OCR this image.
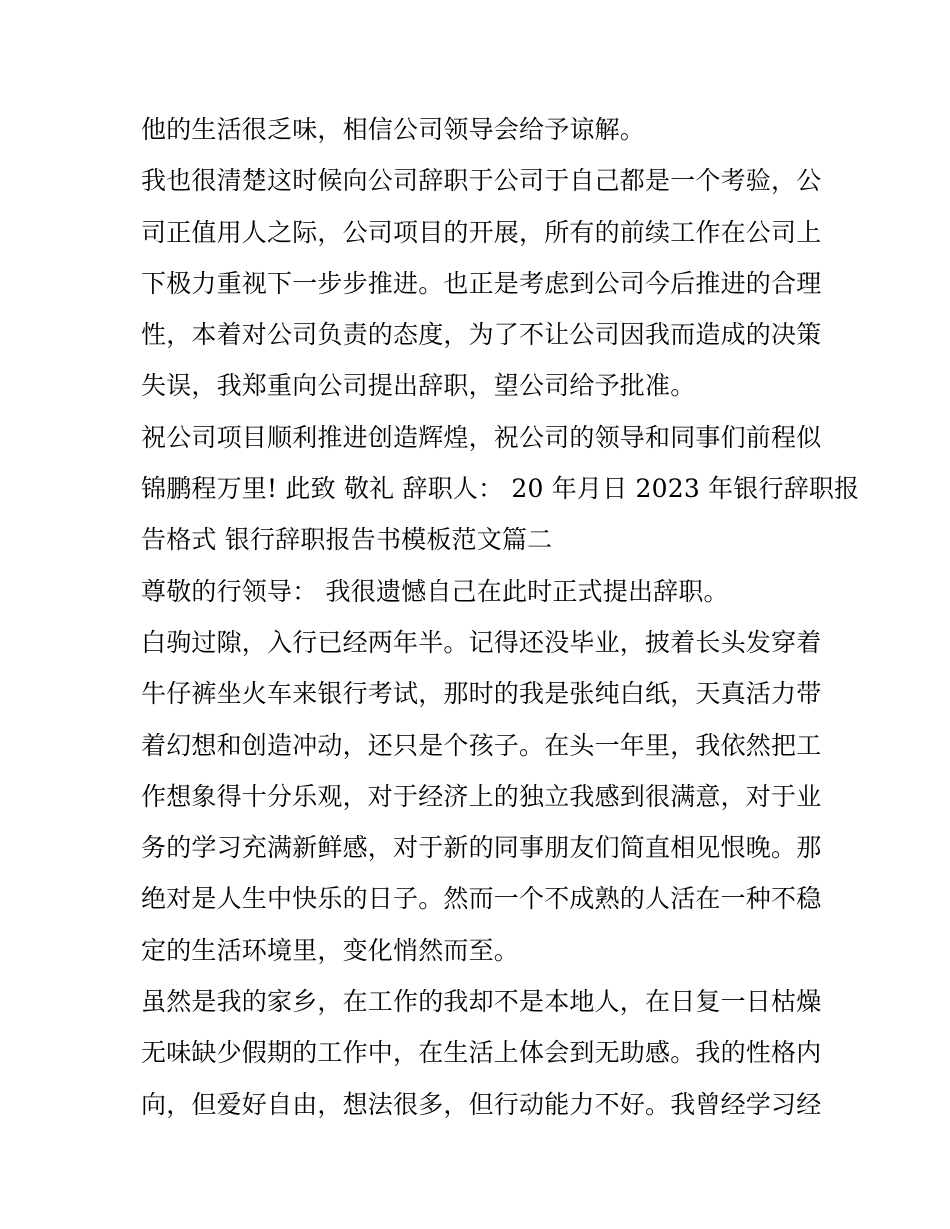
他的生活很乏味，相信公司领导会给予谅解。
我也很清楚这时候向公司辞职于公司于自己都是一个考验，公
司正值用人之际，公司项目的开展，所有的前续工作在公司上
下极力重视下一步步推进。也正是考虑到公司今后推进的合理
性，本着对公司负责的态度，为了不让公司因我而造成的决策
失误，我郑重向公司提出辞职，望公司给予批准。
祝公司项目顺利推进创造辉煌，祝公司的领导和同事们前程似
锦鹏程万里! 此致 敬礼 辞职人： 20 年月日 2023 年银行辞职报
告格式 银行辞职报告书模板范文篇二
尊敬的行领导： 我很遗憾自己在此时正式提出辞职。
白驹过隙，入行已经两年半。记得还没毕业，披着长头发穿着
牛仔裤坐火车来银行考试，那时的我是张纯白纸，天真活力带
着幻想和创造冲动，还只是个孩子。在头一年里，我依然把工
作想象得十分乐观，对于经济上的独立我感到很满意，对于业
务的学习充满新鲜感，对于新的同事朋友们简直相见恨晚。那
绝对是人生中快乐的日子。然而一个不成熟的人活在一种不稳
定的生活环境里，变化悄然而至。
虽然是我的家乡，在工作的我却不是本地人，在日复一日枯燥
无味缺少假期的工作中，在生活上体会到无助感。我的性格内
向，但爱好自由，想法很多，但行动能力不好。我曾经学习经
